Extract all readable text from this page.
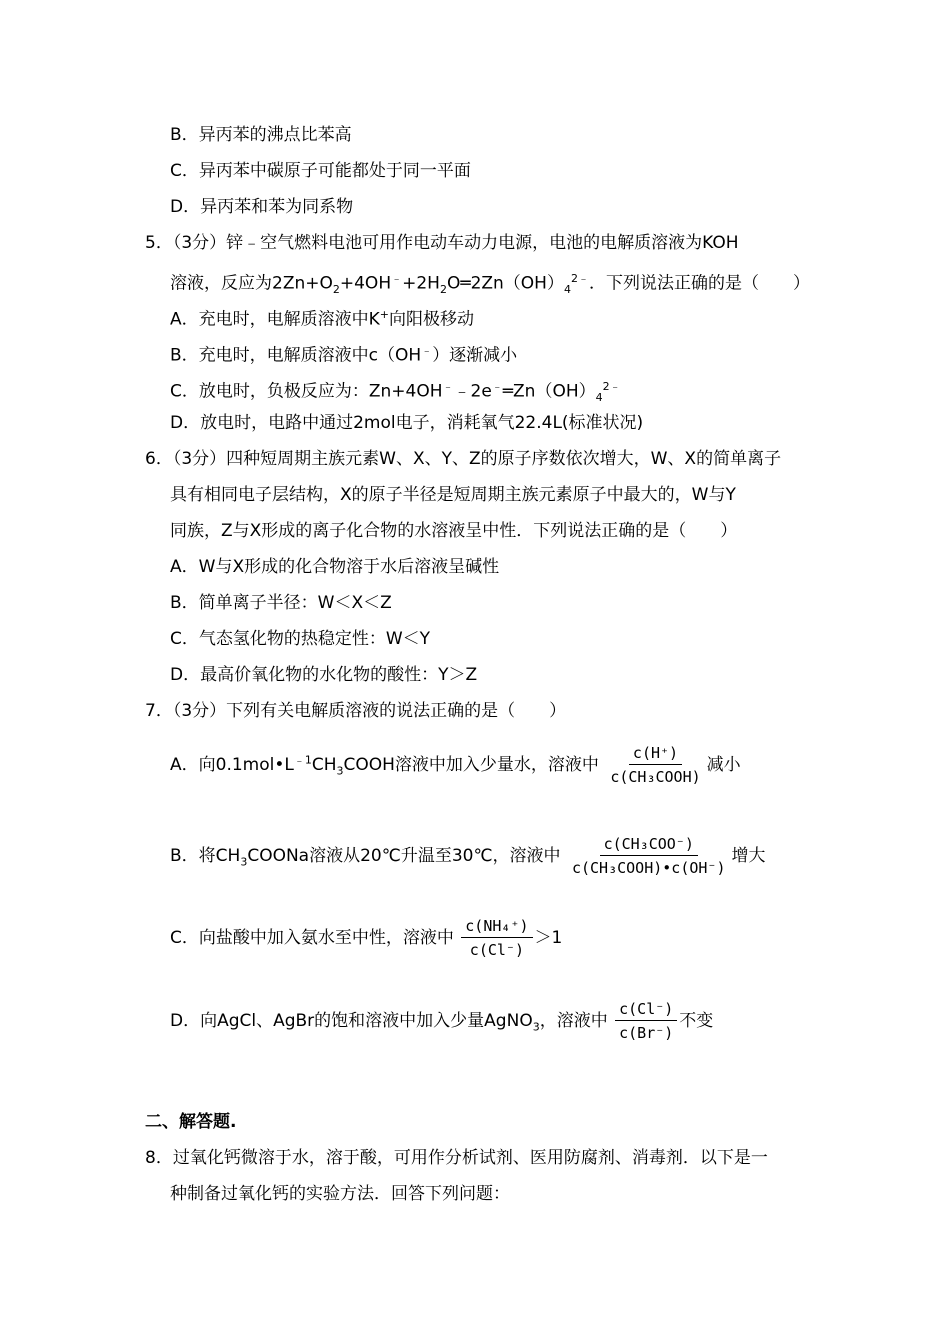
B．异丙苯的沸点比苯高
C．异丙苯中碳原子可能都处于同一平面
D．异丙苯和苯为同系物
5．（3分）锌﹣空气燃料电池可用作电动车动力电源，电池的电解质溶液为KOH
溶液，反应为$2Zn+O_2+4OH^﹣+2H_2O═2Zn(OH)_4^{2﹣}$．下列说法正确的是（　　）
A．充电时，电解质溶液中K+向阳极移动
B．充电时，电解质溶液中c（OH﹣）逐渐减小
C．放电时，负极反应为：$Zn+4OH^﹣﹣2e^﹣═Zn(OH)_4^{2﹣}$
D．放电时，电路中通过2mol电子，消耗氧气22.4L(标准状况)
6．（3分）四种短周期主族元素W、X、Y、Z的原子序数依次增大，W、X的简单离子
具有相同电子层结构，X的原子半径是短周期主族元素原子中最大的，W与Y
同族，Z与X形成的离子化合物的水溶液呈中性．下列说法正确的是（　　）
A．W与X形成的化合物溶于水后溶液呈碱性
B．简单离子半径：W＜X＜Z
C．气态氢化物的热稳定性：W＜Y
D．最高价氧化物的水化物的酸性：Y＞Z
7．（3分）下列有关电解质溶液的说法正确的是（　　）
A．向$0.1mol•L^{﹣1}CH_3COOH$溶液中加入少量水，溶液中 $\frac{c(H^+)}{\text{c(CH₃COOH)}}$ 减小
B．将$CH_3COONa$溶液从20℃升温至30℃，溶液中 $\frac{\text{c(CH₃COO⁻)}}{\text{c(CH₃COOH)•c(OH⁻)}}$ 增大
C．向盐酸中加入氨水至中性，溶液中 $\frac{\text{c(NH₄⁺)}}{c(Cl^-)} >1$
D．向AgCl、AgBr的饱和溶液中加入少量AgNO$_3$，溶液中 $\frac{c(Cl^-)}{c(Br^-)}$ 不变
二、解答题.
8．过氧化钙微溶于水，溶于酸，可用作分析试剂、医用防腐剂、消毒剂．以下是一
种制备过氧化钙的实验方法．回答下列问题：
